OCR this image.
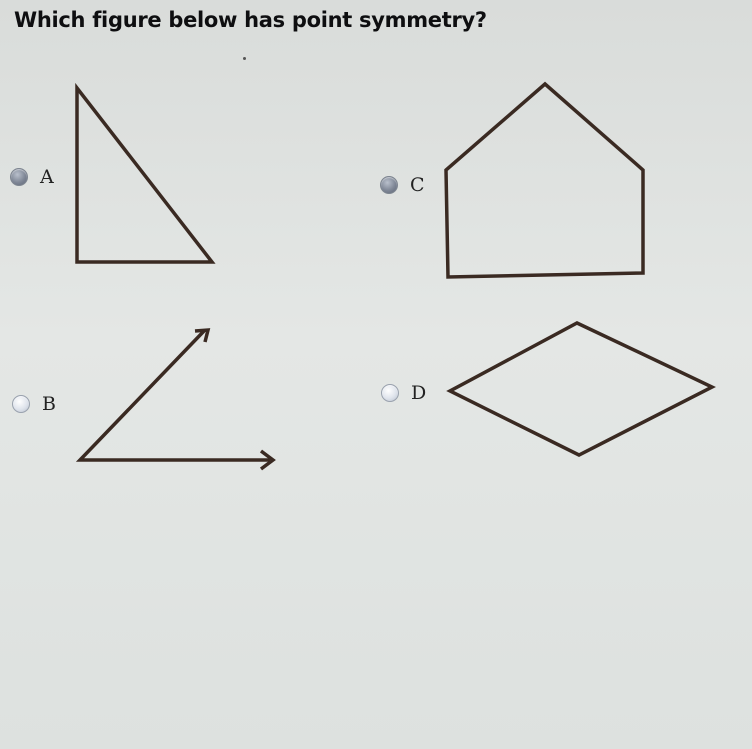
Which figure below has point symmetry?
A	C
B	D
